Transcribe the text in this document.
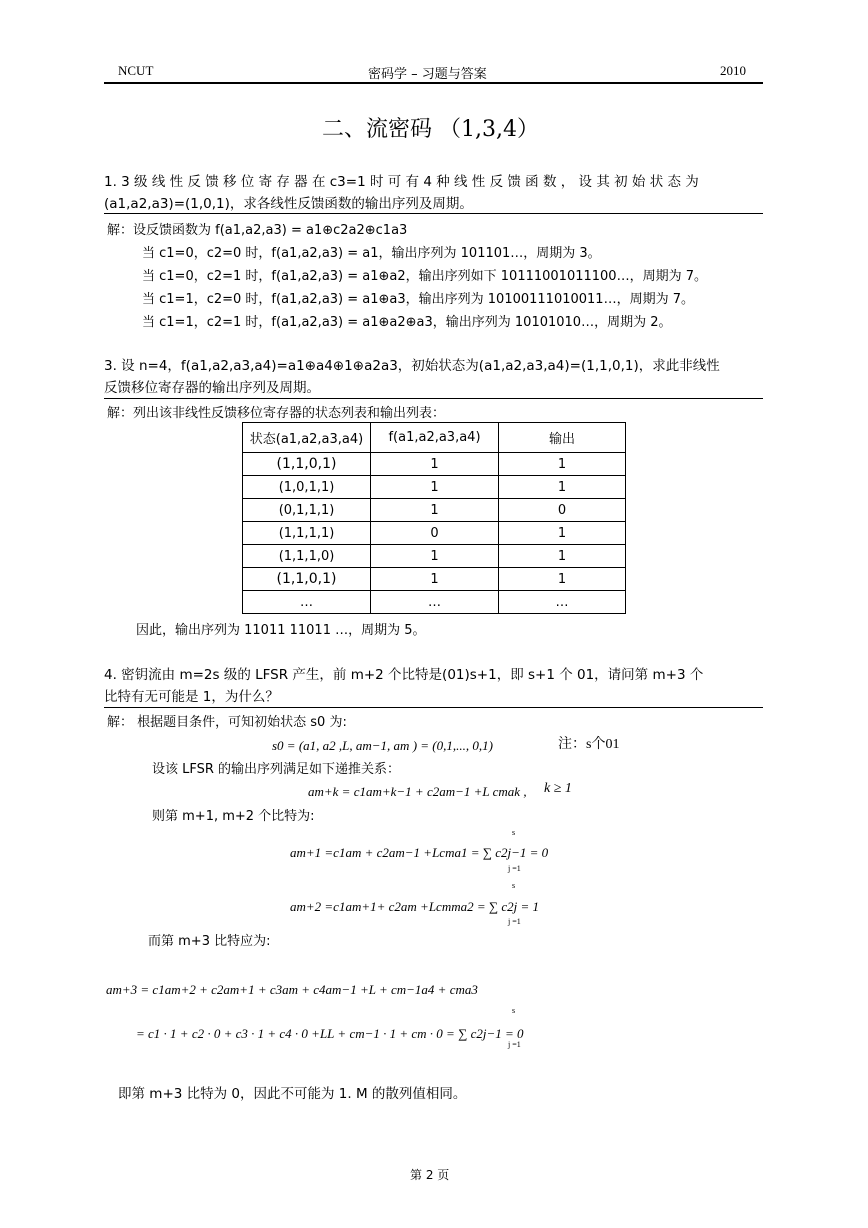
NCUT	密码学 – 习题与答案	2010
二、流密码 （1,3,4）
1. 3 级 线 性 反 馈 移 位 寄 存 器 在 c3=1 时 可 有 4 种 线 性 反 馈 函 数 ， 设 其 初 始 状 态 为
(a1,a2,a3)=(1,0,1)，求各线性反馈函数的输出序列及周期。
解：设反馈函数为 f(a1,a2,a3) = a1⊕c2a2⊕c1a3
当 c1=0，c2=0 时，f(a1,a2,a3) = a1，输出序列为 101101…，周期为 3。
当 c1=0，c2=1 时，f(a1,a2,a3) = a1⊕a2，输出序列如下 10111001011100…，周期为 7。
当 c1=1，c2=0 时，f(a1,a2,a3) = a1⊕a3，输出序列为 10100111010011…，周期为 7。
当 c1=1，c2=1 时，f(a1,a2,a3) = a1⊕a2⊕a3，输出序列为 10101010…，周期为 2。
3. 设 n=4，f(a1,a2,a3,a4)=a1⊕a4⊕1⊕a2a3，初始状态为(a1,a2,a3,a4)=(1,1,0,1)，求此非线性
反馈移位寄存器的输出序列及周期。
解：列出该非线性反馈移位寄存器的状态列表和输出列表：
状态(a1,a2,a3,a4)	f(a1,a2,a3,a4)	输出
(1,1,0,1)	1	1
(1,0,1,1)	1	1
(0,1,1,1)	1	0
(1,1,1,1)	0	1
(1,1,1,0)	1	1
(1,1,0,1)	1	1
…	…	…
因此，输出序列为 11011 11011 …，周期为 5。
4. 密钥流由 m=2s 级的 LFSR 产生，前 m+2 个比特是(01)s+1，即 s+1 个 01，请问第 m+3 个
比特有无可能是 1，为什么？
解： 根据题目条件，可知初始状态 s0 为:
s0 = (a1, a2 ,L, am−1, am ) = (0,1,..., 0,1)	注：s个01
设该 LFSR 的输出序列满足如下递推关系：
am+k = c1am+k−1 + c2am−1 +L cmak , k ≥ 1
则第 m+1, m+2 个比特为:
s
am+1 =c1am + c2am−1 +Lcma1 = ∑ c2j−1 = 0
j =1
s
am+2 =c1am+1+ c2am +Lcmma2 = ∑ c2j = 1
j =1
而第 m+3 比特应为:
am+3 = c1am+2 + c2am+1 + c3am + c4am−1 +L + cm−1a4 + cma3
s
= c1 · 1 + c2 · 0 + c3 · 1 + c4 · 0 +LL + cm−1 · 1 + cm · 0 = ∑ c2j−1 = 0
j =1
即第 m+3 比特为 0，因此不可能为 1. M 的散列值相同。
第 2 页
